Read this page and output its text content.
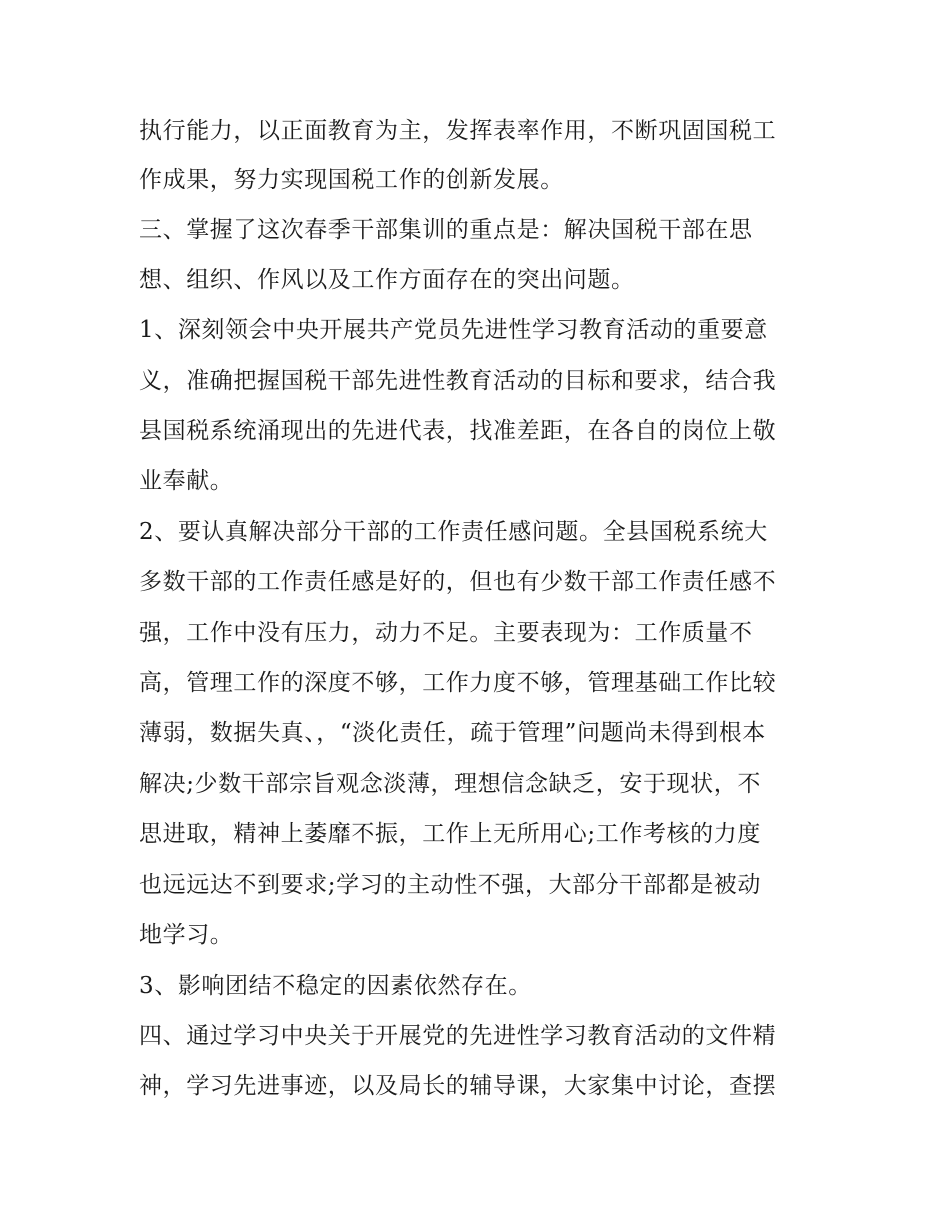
执行能力，以正面教育为主，发挥表率作用，不断巩固国税工
作成果，努力实现国税工作的创新发展。
三、掌握了这次春季干部集训的重点是：解决国税干部在思
想、组织、作风以及工作方面存在的突出问题。
1、深刻领会中央开展共产党员先进性学习教育活动的重要意
义，准确把握国税干部先进性教育活动的目标和要求，结合我
县国税系统涌现出的先进代表，找准差距，在各自的岗位上敬
业奉献。
2、要认真解决部分干部的工作责任感问题。全县国税系统大
多数干部的工作责任感是好的，但也有少数干部工作责任感不
强，工作中没有压力，动力不足。主要表现为：工作质量不
高，管理工作的深度不够，工作力度不够，管理基础工作比较
薄弱，数据失真、，“淡化责任，疏于管理”问题尚未得到根本
解决;少数干部宗旨观念淡薄，理想信念缺乏，安于现状，不
思进取，精神上萎靡不振，工作上无所用心;工作考核的力度
也远远达不到要求;学习的主动性不强，大部分干部都是被动
地学习。
3、影响团结不稳定的因素依然存在。
四、通过学习中央关于开展党的先进性学习教育活动的文件精
神，学习先进事迹，以及局长的辅导课，大家集中讨论，查摆
